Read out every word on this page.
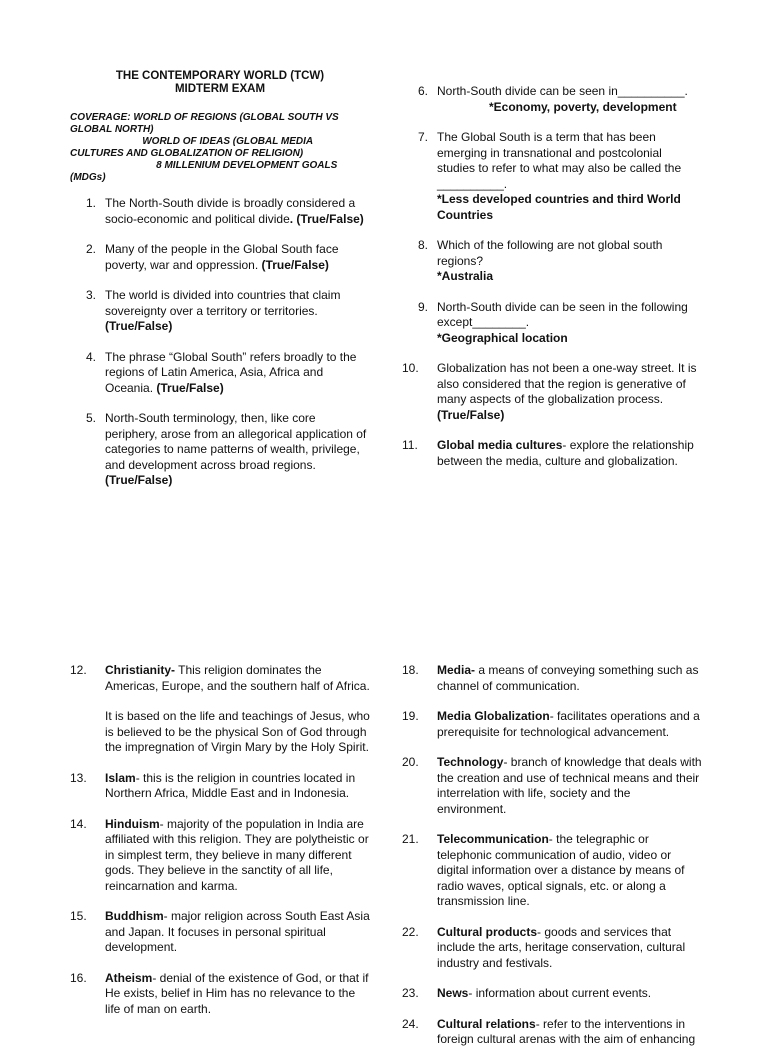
THE CONTEMPORARY WORLD (TCW)

MIDTERM EXAM

COVERAGE: WORLD OF REGIONS (GLOBAL SOUTH VS
GLOBAL NORTH)
WORLD OF IDEAS (GLOBAL MEDIA
CULTURES AND GLOBALIZATION OF RELIGION)
8 MILLENIUM DEVELOPMENT GOALS
(MDGs)
1. The North-South divide is broadly considered a socio-economic and political divide. (True/False)
2. Many of the people in the Global South face poverty, war and oppression. (True/False)
3. The world is divided into countries that claim sovereignty over a territory or territories. (True/False)
4. The phrase “Global South” refers broadly to the regions of Latin America, Asia, Africa and Oceania. (True/False)
5. North-South terminology, then, like core periphery, arose from an allegorical application of categories to name patterns of wealth, privilege, and development across broad regions. (True/False)
6. North-South divide can be seen in__________.
*Economy, poverty, development
7. The Global South is a term that has been emerging in transnational and postcolonial studies to refer to what may also be called the __________.
*Less developed countries and third World Countries
8. Which of the following are not global south regions?
*Australia
9. North-South divide can be seen in the following except________.
*Geographical location
10. Globalization has not been a one-way street. It is also considered that the region is generative of many aspects of the globalization process.
(True/False)
11. Global media cultures- explore the relationship between the media, culture and globalization.
12. Christianity- This religion dominates the Americas, Europe, and the southern half of Africa.
It is based on the life and teachings of Jesus, who is believed to be the physical Son of God through the impregnation of Virgin Mary by the Holy Spirit.
13. Islam- this is the religion in countries located in Northern Africa, Middle East and in Indonesia.
14. Hinduism- majority of the population in India are affiliated with this religion. They are polytheistic or in simplest term, they believe in many different gods. They believe in the sanctity of all life, reincarnation and karma.
15. Buddhism- major religion across South East Asia and Japan. It focuses in personal spiritual development.
16. Atheism- denial of the existence of God, or that if He exists, belief in Him has no relevance to the life of man on earth.
18. Media- a means of conveying something such as channel of communication.
19. Media Globalization- facilitates operations and a prerequisite for technological advancement.
20. Technology- branch of knowledge that deals with the creation and use of technical means and their interrelation with life, society and the environment.
21. Telecommunication- the telegraphic or telephonic communication of audio, video or digital information over a distance by means of radio waves, optical signals, etc. or along a transmission line.
22. Cultural products- goods and services that include the arts, heritage conservation, cultural industry and festivals.
23. News- information about current events.
24. Cultural relations- refer to the interventions in foreign cultural arenas with the aim of enhancing
